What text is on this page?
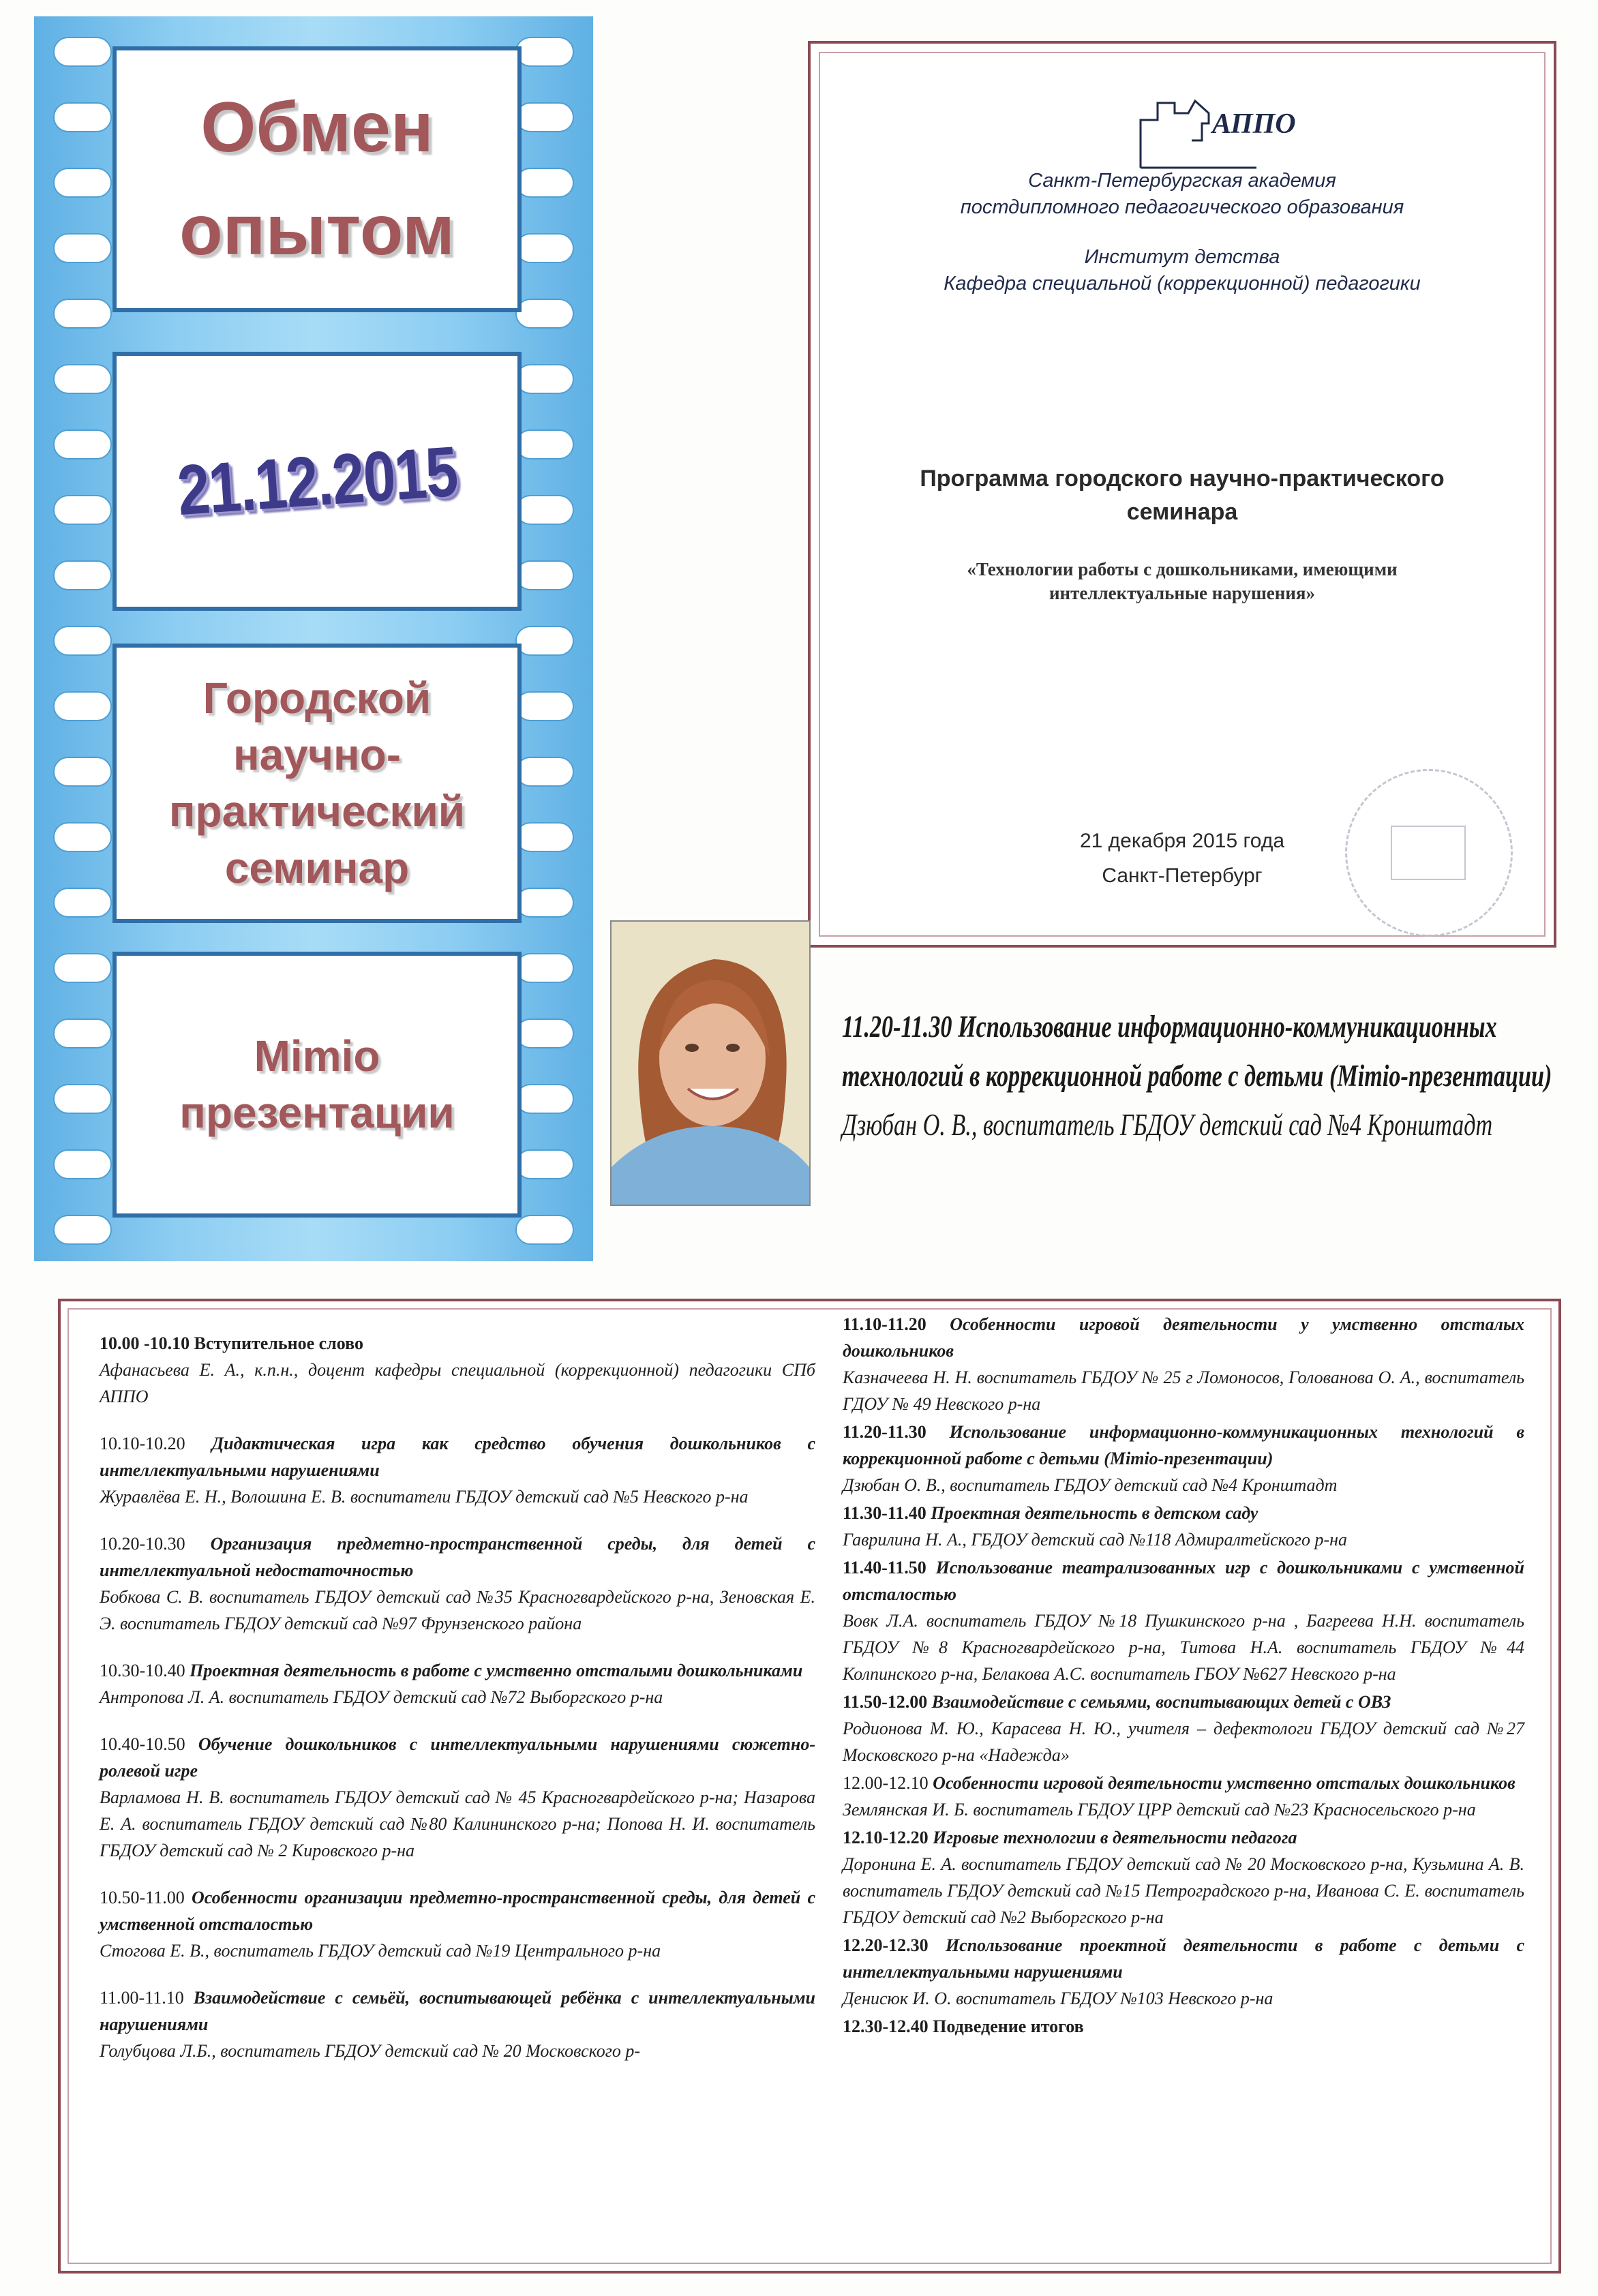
Обмен
опытом
21.12.2015
Городской
научно-
практический
семинар
Mimio
презентации
АППО
Санкт-Петербургская академия
постдипломного педагогического образования
Институт детства
Кафедра специальной (коррекционной) педагогики
Программа городского научно-практического
семинара
«Технологии работы с дошкольниками, имеющими
интеллектуальные нарушения»
21 декабря 2015 года
Санкт-Петербург
11.20-11.30 Использование информационно-коммуникационных
технологий в коррекционной работе с детьми (Mimio-презентации)
Дзюбан О. В., воспитатель ГБДОУ детский сад №4 Кронштадт
10.00 -10.10 Вступительное слово
Афанасьева Е. А., к.п.н., доцент кафедры специальной (коррекционной) педагогики СПб АППО
10.10-10.20 Дидактическая игра как средство обучения дошкольников с интеллектуальными нарушениями
Журавлёва Е. Н., Волошина Е. В. воспитатели ГБДОУ детский сад №5 Невского р-на
10.20-10.30 Организация предметно-пространственной среды, для детей с интеллектуальной недостаточностью
Бобкова С. В. воспитатель ГБДОУ детский сад №35 Красногвардейского р-на, Зеновская Е. Э. воспитатель ГБДОУ детский сад №97 Фрунзенского района
10.30-10.40 Проектная деятельность в работе с умственно отсталыми дошкольниками
Антропова Л. А. воспитатель ГБДОУ детский сад №72 Выборгского р-на
10.40-10.50 Обучение дошкольников с интеллектуальными нарушениями сюжетно- ролевой игре
Варламова Н. В. воспитатель ГБДОУ детский сад № 45 Красногвардейского р-на; Назарова Е. А. воспитатель ГБДОУ детский сад №80 Калининского р-на; Попова Н. И. воспитатель ГБДОУ детский сад № 2 Кировского р-на
10.50-11.00 Особенности организации предметно-пространственной среды, для детей с умственной отсталостью
Стогова Е. В., воспитатель ГБДОУ детский сад №19 Центрального р-на
11.00-11.10 Взаимодействие с семьёй, воспитывающей ребёнка с интеллектуальными нарушениями
Голубцова Л.Б., воспитатель ГБДОУ детский сад № 20 Московского р-
11.10-11.20 Особенности игровой деятельности у умственно отсталых дошкольников
Казначеева Н. Н. воспитатель ГБДОУ № 25 г Ломоносов, Голованова О. А., воспитатель ГДОУ № 49 Невского р-на
11.20-11.30 Использование информационно-коммуникационных технологий в коррекционной работе с детьми (Mimio-презентации)
Дзюбан О. В., воспитатель ГБДОУ детский сад №4 Кронштадт
11.30-11.40 Проектная деятельность в детском саду
Гаврилина Н. А., ГБДОУ детский сад №118 Адмиралтейского р-на
11.40-11.50 Использование театрализованных игр с дошкольниками с умственной отсталостью
Вовк Л.А. воспитатель ГБДОУ №18 Пушкинского р-на , Багреева Н.Н. воспитатель ГБДОУ №8 Красногвардейского р-на, Титова Н.А. воспитатель ГБДОУ №44 Колпинского р-на, Белакова А.С. воспитатель ГБОУ №627 Невского р-на
11.50-12.00 Взаимодействие с семьями, воспитывающих детей с ОВЗ
Родионова М. Ю., Карасева Н. Ю., учителя – дефектологи ГБДОУ детский сад №27 Московского р-на «Надежда»
12.00-12.10 Особенности игровой деятельности умственно отсталых дошкольников
Землянская И. Б. воспитатель ГБДОУ ЦРР детский сад №23 Красносельского р-на
12.10-12.20 Игровые технологии в деятельности педагога
Доронина Е. А. воспитатель ГБДОУ детский сад № 20 Московского р-на, Кузьмина А. В. воспитатель ГБДОУ детский сад №15 Петроградского р-на, Иванова С. Е. воспитатель ГБДОУ детский сад №2 Выборгского р-на
12.20-12.30 Использование проектной деятельности в работе с детьми с интеллектуальными нарушениями
Денисюк И. О. воспитатель ГБДОУ №103 Невского р-на
12.30-12.40 Подведение итогов
